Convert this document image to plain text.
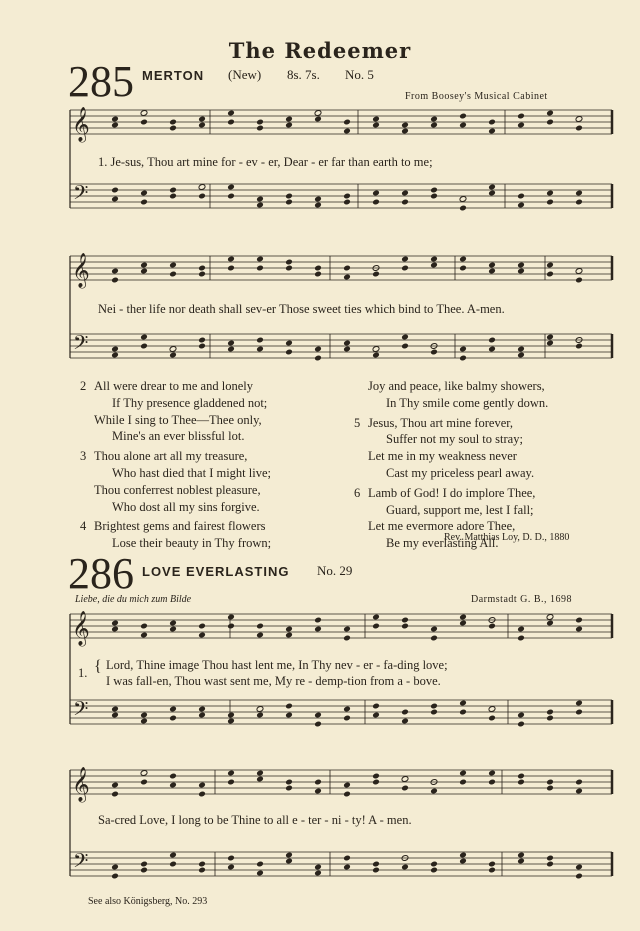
The Redeemer
285 MERTON (New) 8s. 7s. No. 5
From Boosey's Musical Cabinet
𝄞
𝄢
𝄞
𝄢
𝄞
𝄢
𝄞
𝄢
1. Je-sus, Thou art mine for - ev - er, Dear - er far than earth to me;
Nei - ther life nor death shall sev-er Those sweet ties which bind to Thee. A-men.
2 All were drear to me and lonely
If Thy presence gladdened not;
While I sing to Thee—Thee only,
Mine's an ever blissful lot.
3 Thou alone art all my treasure,
Who hast died that I might live;
Thou conferrest noblest pleasure,
Who dost all my sins forgive.
4 Brightest gems and fairest flowers
Lose their beauty in Thy frown;
Joy and peace, like balmy showers,
In Thy smile come gently down.
5 Jesus, Thou art mine forever,
Suffer not my soul to stray;
Let me in my weakness never
Cast my priceless pearl away.
6 Lamb of God! I do implore Thee,
Guard, support me, lest I fall;
Let me evermore adore Thee,
Be my everlasting All.
Rev. Matthias Loy, D. D., 1880
286 LOVE EVERLASTING No. 29
Liebe, die du mich zum Bilde	Darmstadt G. B., 1698
1. { Lord, Thine image Thou hast lent me, In Thy nev - er - fa-ding love;
I was fall-en, Thou wast sent me, My re - demp-tion from a - bove.
Sa-cred Love, I long to be Thine to all e - ter - ni - ty! A - men.
See also Königsberg, No. 293
